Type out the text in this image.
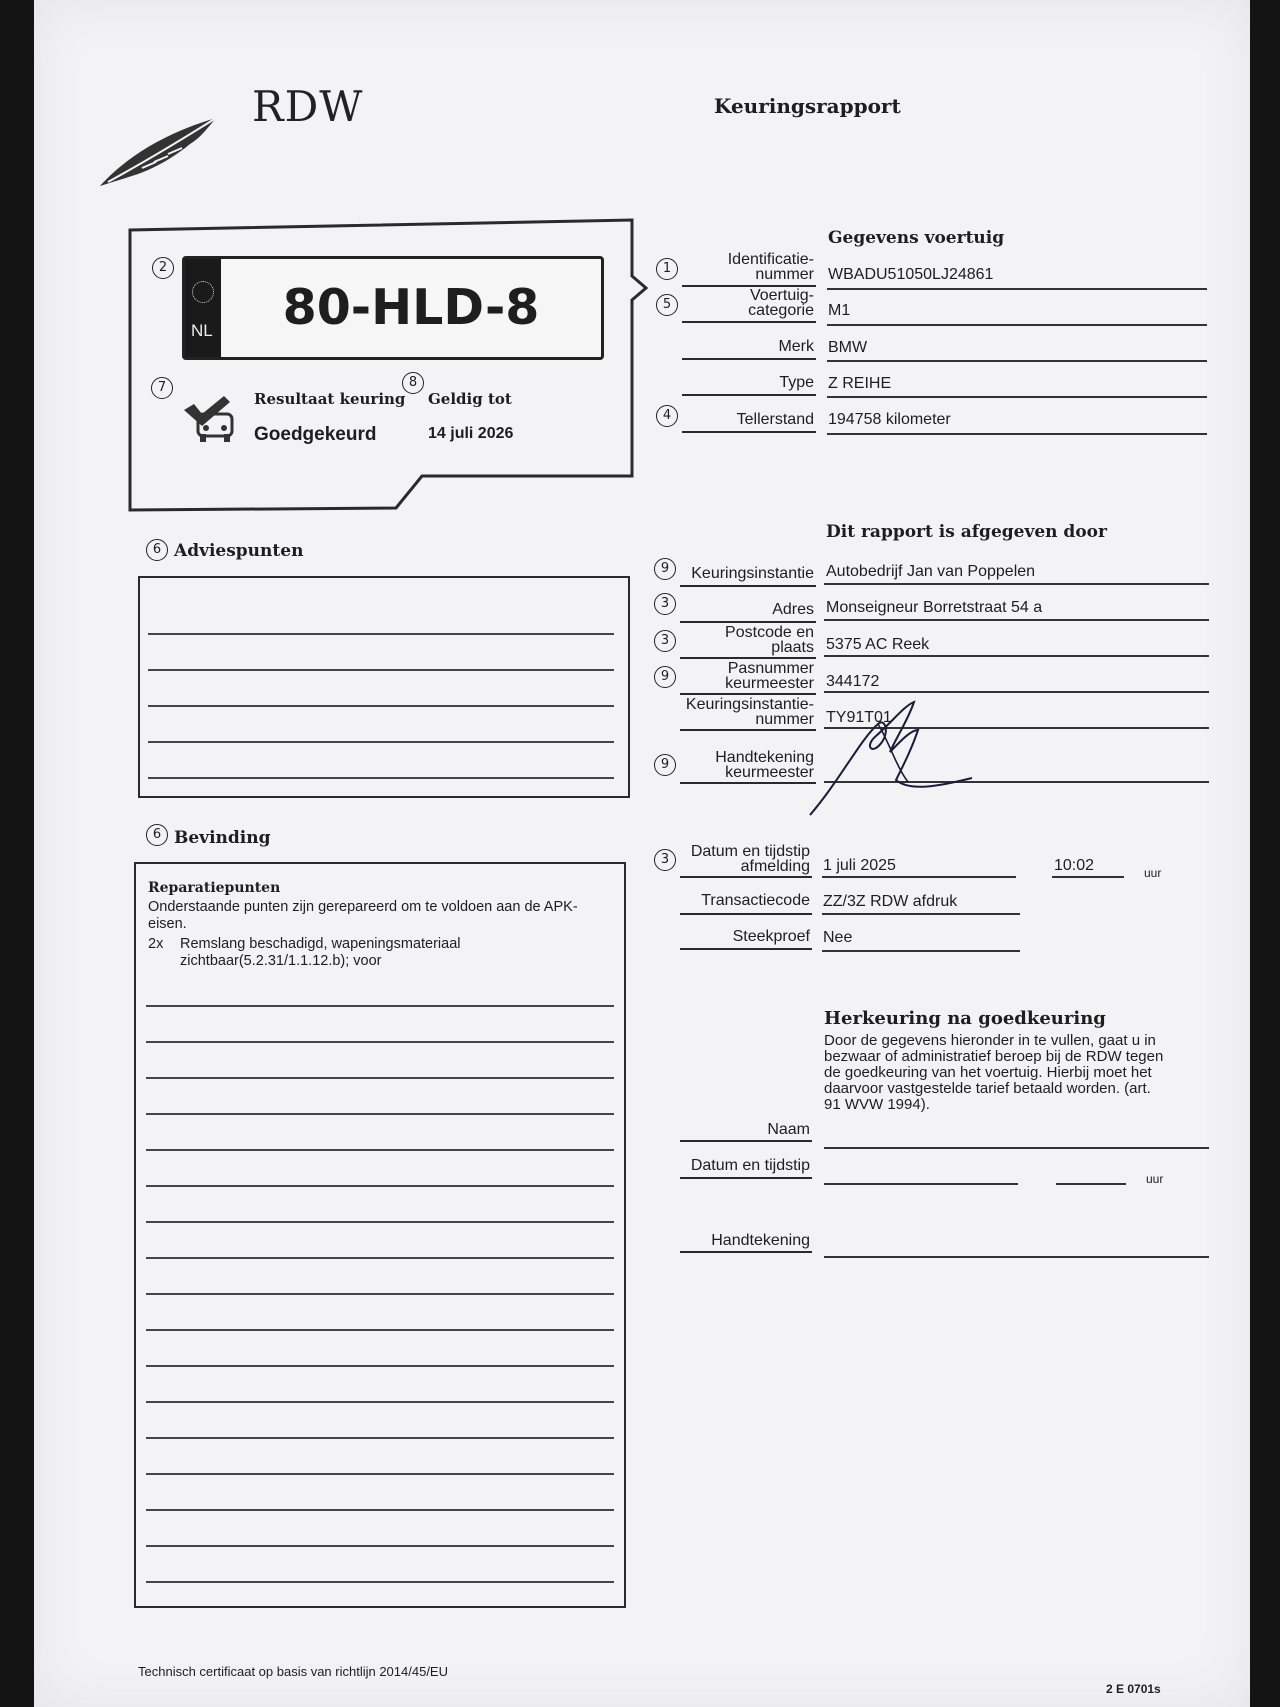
RDW	Keuringsrapport
2
NL	80-HLD-8
7
Resultaat keuring
Goedgekeurd
8
Geldig tot
14 juli 2026
Gegevens voertuig
1
Identificatie-
nummer WBADU51050LJ24861
5
Voertuig-
categorie M1
Merk BMW
Type Z REIHE
4	Tellerstand 194758 kilometer
6 Adviespunten
Dit rapport is afgegeven door
9	Keuringsinstantie Autobedrijf Jan van Poppelen
3	Adres Monseigneur Borretstraat 54 a
3	Postcode en
plaats 5375 AC Reek
9	Pasnummer
keurmeester 344172
Keuringsinstantie-
nummer TY91T01
9	Handtekening
keurmeester
6 Bevinding
Reparatiepunten
Onderstaande punten zijn gerepareerd om te voldoen aan de APK-eisen.
2x Remslang beschadigd, wapeningsmateriaal zichtbaar(5.2.31/1.1.12.b); voor
3	Datum en tijdstip
afmelding 1 juli 2025	10:02	uur
Transactiecode ZZ/3Z RDW afdruk
Steekproef Nee
Herkeuring na goedkeuring
Door de gegevens hieronder in te vullen, gaat u in bezwaar of administratief beroep bij de RDW tegen de goedkeuring van het voertuig. Hierbij moet het daarvoor vastgestelde tarief betaald worden. (art. 91 WVW 1994).
Naam
Datum en tijdstip
uur
Handtekening
Technisch certificaat op basis van richtlijn 2014/45/EU
2 E 0701s
